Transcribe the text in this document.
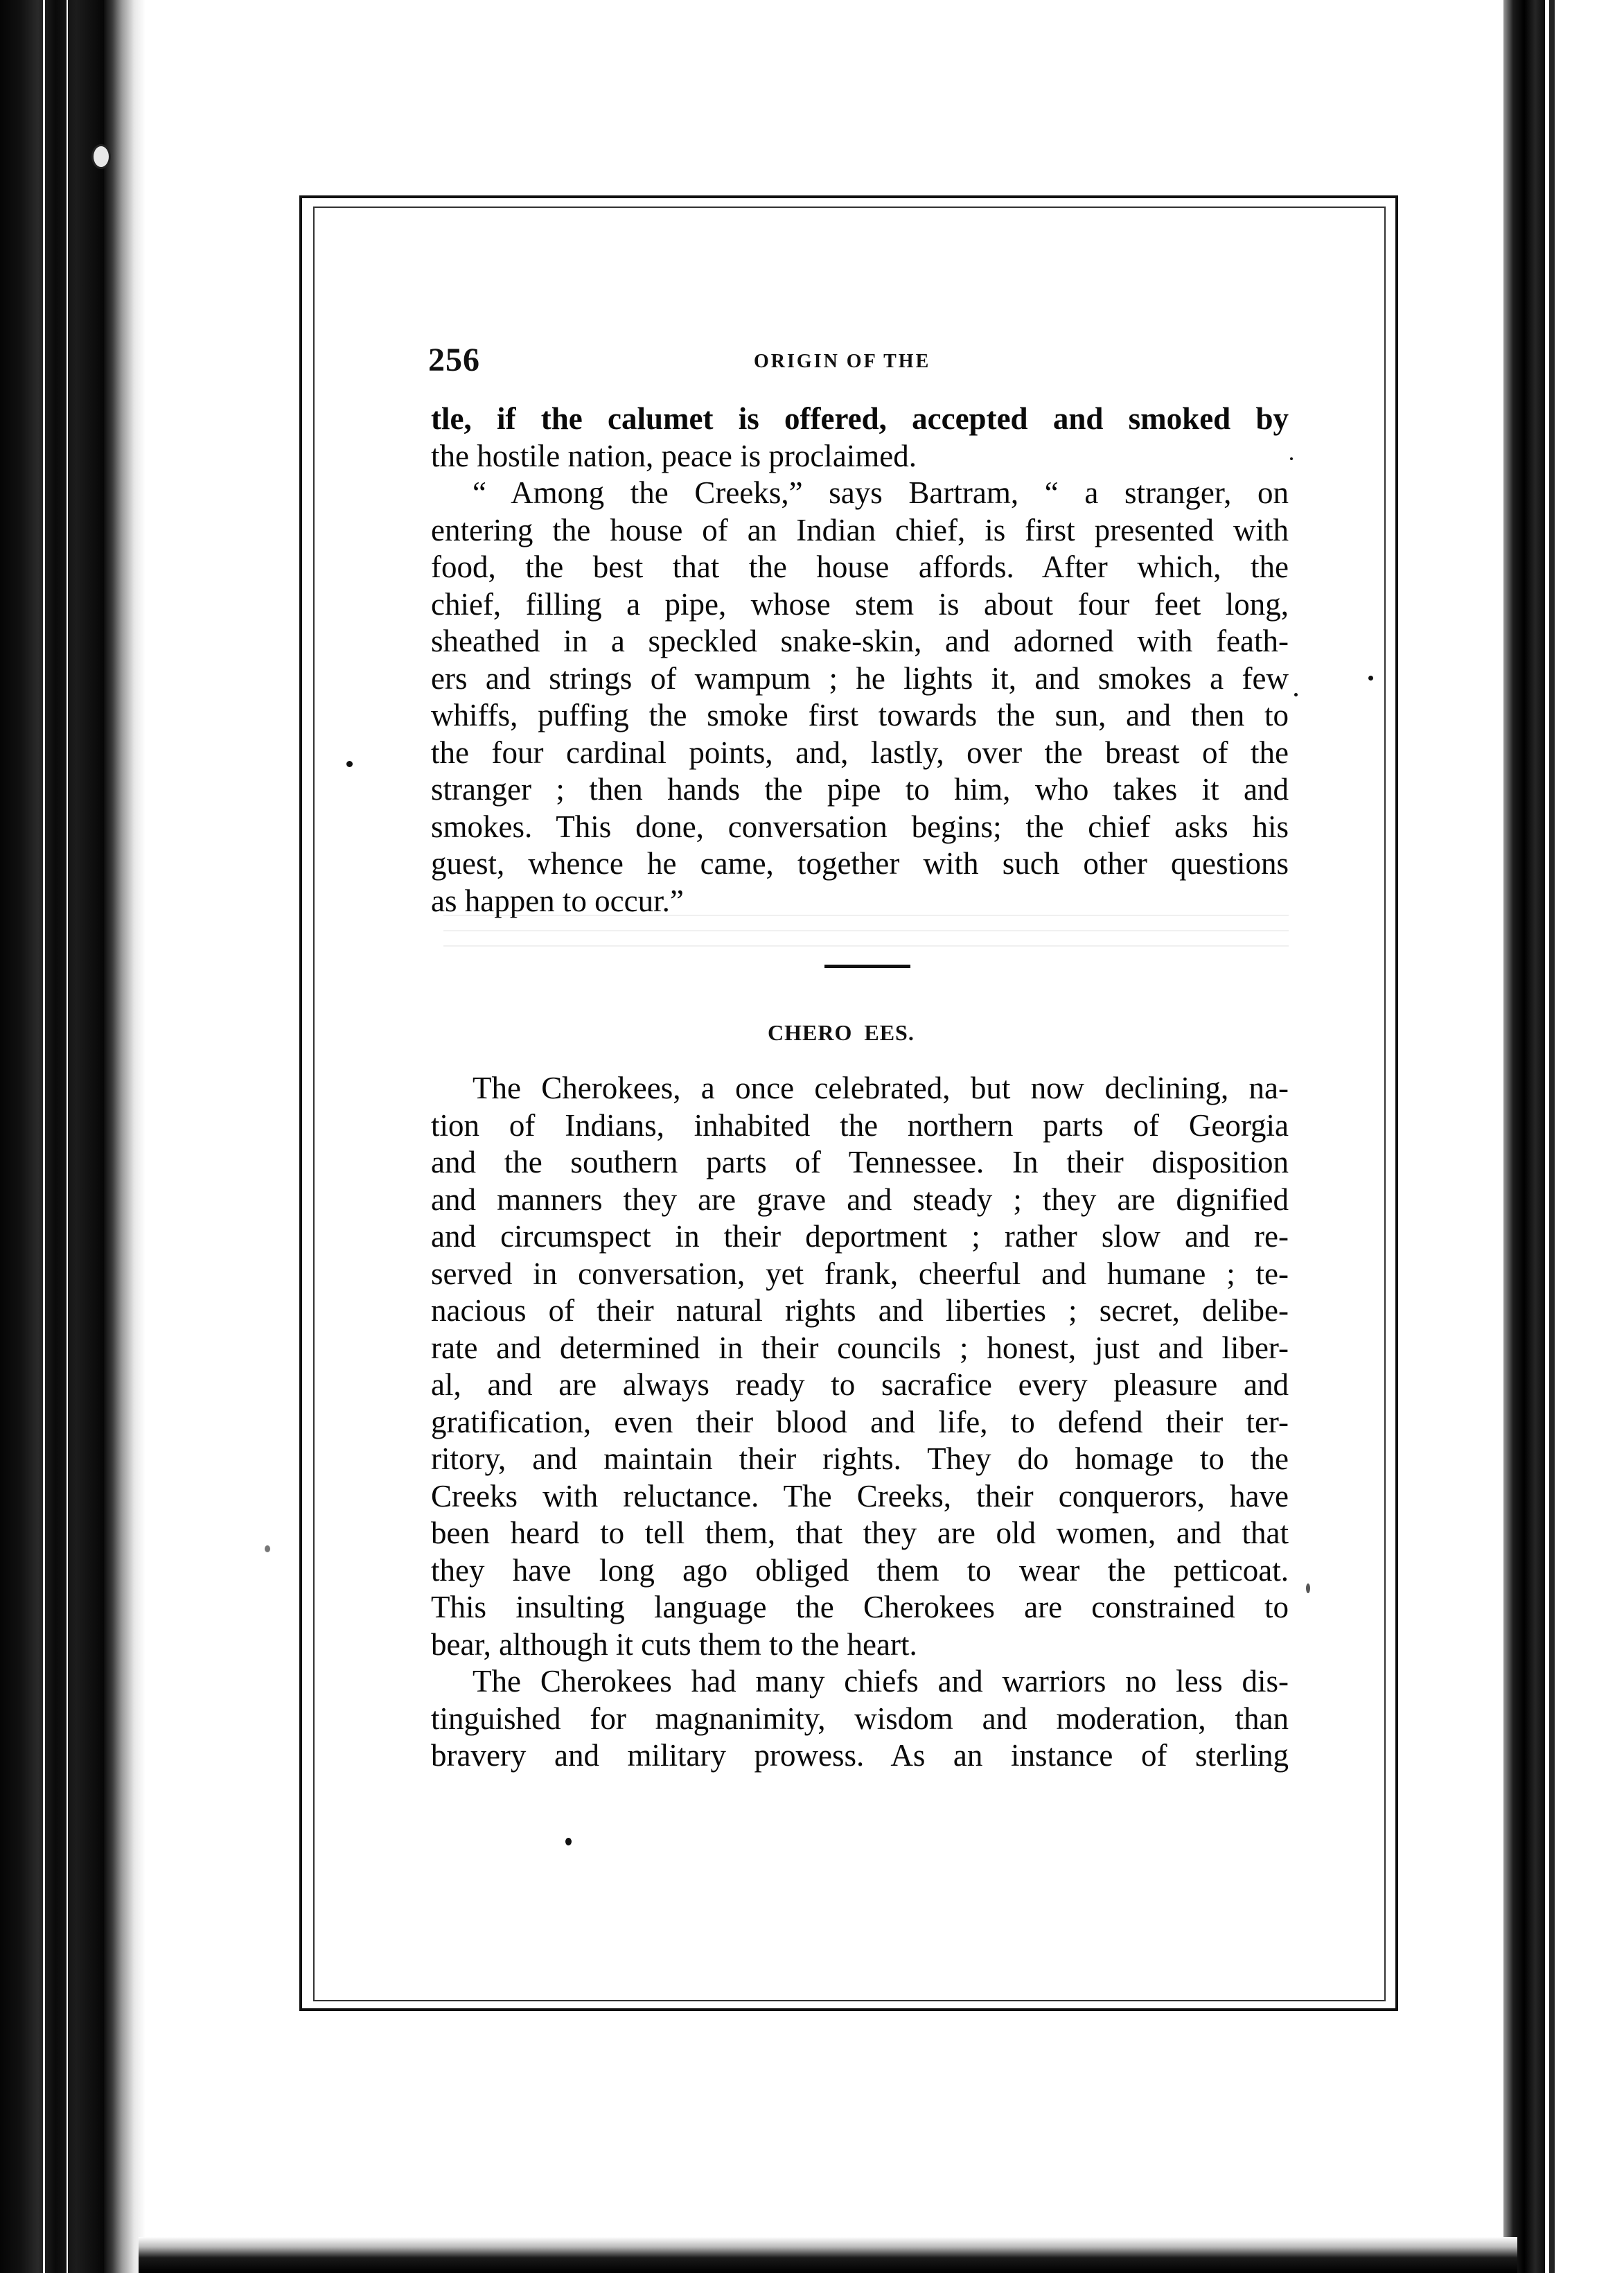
256	ORIGIN OF THE
tle, if the calumet is offered, accepted and smoked by
the hostile nation, peace is proclaimed.
“ Among the Creeks,” says Bartram, “ a stranger, on
entering the house of an Indian chief, is first presented with
food, the best that the house affords. After which, the
chief, filling a pipe, whose stem is about four feet long,
sheathed in a speckled snake-skin, and adorned with feath-
ers and strings of wampum ; he lights it, and smokes a few
whiffs, puffing the smoke first towards the sun, and then to
the four cardinal points, and, lastly, over the breast of the
stranger ; then hands the pipe to him, who takes it and
smokes. This done, conversation begins; the chief asks his
guest, whence he came, together with such other questions
as happen to occur.”
CHERO EES.
The Cherokees, a once celebrated, but now declining, na-
tion of Indians, inhabited the northern parts of Georgia
and the southern parts of Tennessee. In their disposition
and manners they are grave and steady ; they are dignified
and circumspect in their deportment ; rather slow and re-
served in conversation, yet frank, cheerful and humane ; te-
nacious of their natural rights and liberties ; secret, delibe-
rate and determined in their councils ; honest, just and liber-
al, and are always ready to sacrafice every pleasure and
gratification, even their blood and life, to defend their ter-
ritory, and maintain their rights. They do homage to the
Creeks with reluctance. The Creeks, their conquerors, have
been heard to tell them, that they are old women, and that
they have long ago obliged them to wear the petticoat.
This insulting language the Cherokees are constrained to
bear, although it cuts them to the heart.
The Cherokees had many chiefs and warriors no less dis-
tinguished for magnanimity, wisdom and moderation, than
bravery and military prowess. As an instance of sterling
